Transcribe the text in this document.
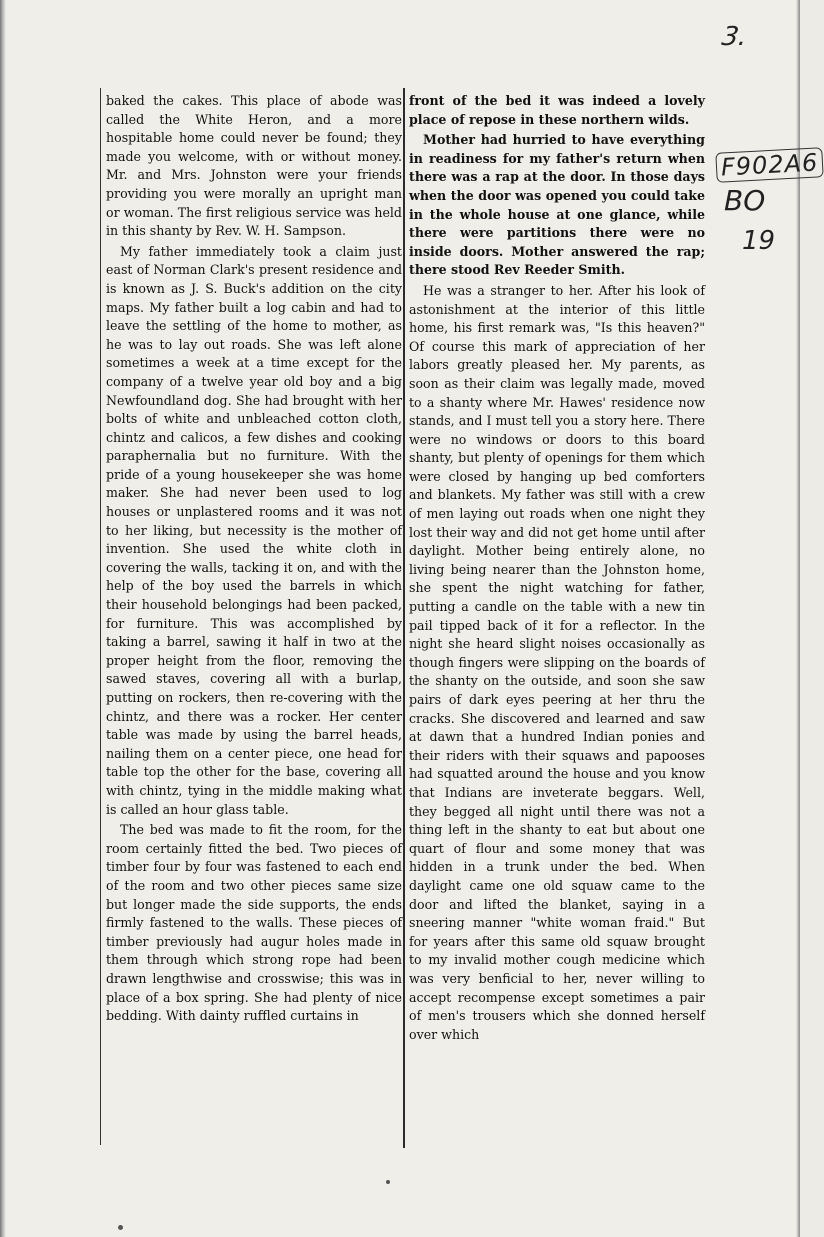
3.
F902A6
BO
19

baked the cakes. This place of abode was called the White Heron, and a more hospitable home could never be found; they made you welcome, with or without money. Mr. and Mrs. Johnston were your friends providing you were morally an upright man or woman. The first religious service was held in this shanty by Rev. W. H. Sampson.

My father immediately took a claim just east of Norman Clark's present residence and is known as J. S. Buck's addition on the city maps. My father built a log cabin and had to leave the settling of the home to mother, as he was to lay out roads. She was left alone sometimes a week at a time except for the company of a twelve year old boy and a big Newfoundland dog. She had brought with her bolts of white and unbleached cotton cloth, chintz and calicos, a few dishes and cooking paraphernalia but no furniture. With the pride of a young housekeeper she was home maker. She had never been used to log houses or unplastered rooms and it was not to her liking, but necessity is the mother of invention. She used the white cloth in covering the walls, tacking it on, and with the help of the boy used the barrels in which their household belongings had been packed, for furniture. This was accomplished by taking a barrel, sawing it half in two at the proper height from the floor, removing the sawed staves, covering all with a burlap, putting on rockers, then re-covering with the chintz, and there was a rocker. Her center table was made by using the barrel heads, nailing them on a center piece, one head for table top the other for the base, covering all with chintz, tying in the middle making what is called an hour glass table.

The bed was made to fit the room, for the room certainly fitted the bed. Two pieces of timber four by four was fastened to each end of the room and two other pieces same size but longer made the side supports, the ends firmly fastened to the walls. These pieces of timber previously had augur holes made in them through which strong rope had been drawn lengthwise and crosswise; this was in place of a box spring. She had plenty of nice bedding. With dainty ruffled curtains in

front of the bed it was indeed a lovely place of repose in these northern wilds.

Mother had hurried to have everything in readiness for my father's return when there was a rap at the door. In those days when the door was opened you could take in the whole house at one glance, while there were partitions there were no inside doors. Mother answered the rap; there stood Rev Reeder Smith.

He was a stranger to her. After his look of astonishment at the interior of this little home, his first remark was, "Is this heaven?" Of course this mark of appreciation of her labors greatly pleased her. My parents, as soon as their claim was legally made, moved to a shanty where Mr. Hawes' residence now stands, and I must tell you a story here. There were no windows or doors to this board shanty, but plenty of openings for them which were closed by hanging up bed comforters and blankets. My father was still with a crew of men laying out roads when one night they lost their way and did not get home until after daylight. Mother being entirely alone, no living being nearer than the Johnston home, she spent the night watching for father, putting a candle on the table with a new tin pail tipped back of it for a reflector. In the night she heard slight noises occasionally as though fingers were slipping on the boards of the shanty on the outside, and soon she saw pairs of dark eyes peering at her thru the cracks. She discovered and learned and saw at dawn that a hundred Indian ponies and their riders with their squaws and papooses had squatted around the house and you know that Indians are inveterate beggars. Well, they begged all night until there was not a thing left in the shanty to eat but about one quart of flour and some money that was hidden in a trunk under the bed. When daylight came one old squaw came to the door and lifted the blanket, saying in a sneering manner "white woman fraid." But for years after this same old squaw brought to my invalid mother cough medicine which was very benficial to her, never willing to accept recompense except sometimes a pair of men's trousers which she donned herself over which
